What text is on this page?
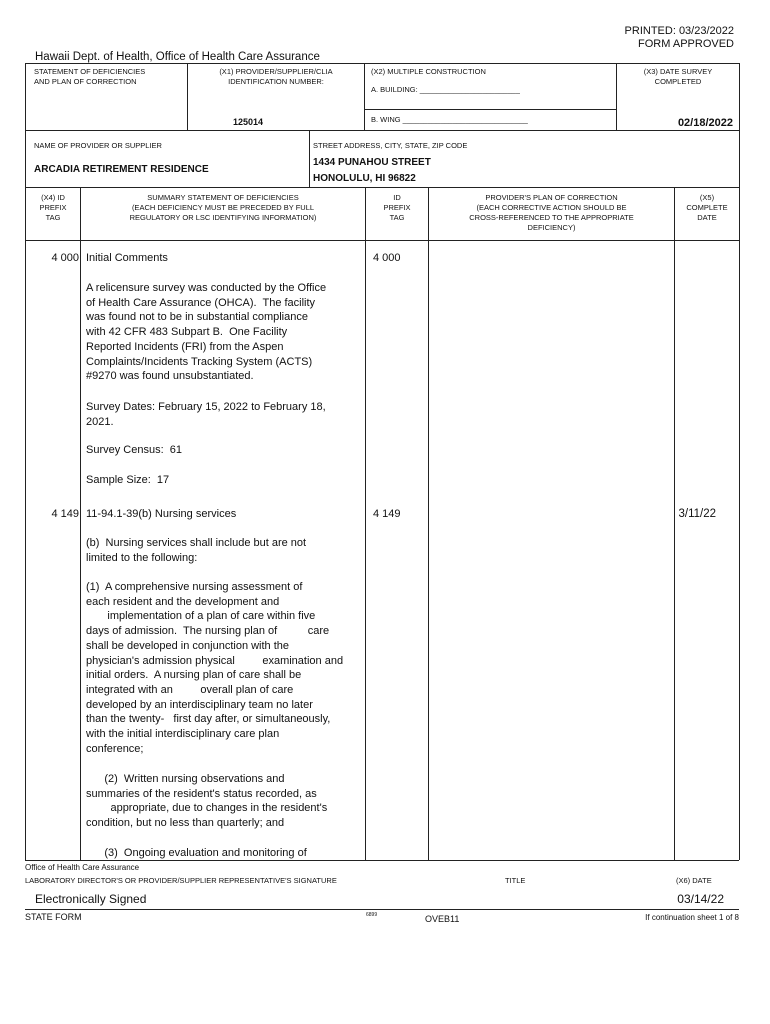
PRINTED: 03/23/2022
FORM APPROVED
Hawaii Dept. of Health, Office of Health Care Assurance
STATEMENT OF DEFICIENCIES
AND PLAN OF CORRECTION
(X1) PROVIDER/SUPPLIER/CLIA
IDENTIFICATION NUMBER:
125014
(X2) MULTIPLE CONSTRUCTION
A. BUILDING: ________________________
B. WING ______________________________
(X3) DATE SURVEY
COMPLETED
02/18/2022
NAME OF PROVIDER OR SUPPLIER
ARCADIA RETIREMENT RESIDENCE
STREET ADDRESS, CITY, STATE, ZIP CODE
1434 PUNAHOU STREET
HONOLULU, HI 96822
(X4) ID
PREFIX
TAG
SUMMARY STATEMENT OF DEFICIENCIES
(EACH DEFICIENCY MUST BE PRECEDED BY FULL
REGULATORY OR LSC IDENTIFYING INFORMATION)
ID
PREFIX
TAG
PROVIDER'S PLAN OF CORRECTION
(EACH CORRECTIVE ACTION SHOULD BE
CROSS-REFERENCED TO THE APPROPRIATE
DEFICIENCY)
(X5)
COMPLETE
DATE
4 000	4 000
Initial Comments
A relicensure survey was conducted by the Office
of Health Care Assurance (OHCA).  The facility
was found not to be in substantial compliance
with 42 CFR 483 Subpart B.  One Facility
Reported Incidents (FRI) from the Aspen
Complaints/Incidents Tracking System (ACTS)
#9270 was found unsubstantiated.
Survey Dates: February 15, 2022 to February 18,
2021.
Survey Census:  61
Sample Size:  17
4 149	4 149	3/11/22
11-94.1-39(b) Nursing services
(b)  Nursing services shall include but are not
limited to the following:
(1)  A comprehensive nursing assessment of
each resident and the development and
implementation of a plan of care within five
days of admission.  The nursing plan of          care
shall be developed in conjunction with the
physician's admission physical         examination and
initial orders.  A nursing plan of care shall be
integrated with an         overall plan of care
developed by an interdisciplinary team no later
than the twenty-   first day after, or simultaneously,
with the initial interdisciplinary care plan
conference;
(2)  Written nursing observations and
summaries of the resident's status recorded, as
appropriate, due to changes in the resident's
condition, but no less than quarterly; and
(3)  Ongoing evaluation and monitoring of
Office of Health Care Assurance
LABORATORY DIRECTOR'S OR PROVIDER/SUPPLIER REPRESENTATIVE'S SIGNATURE	TITLE	(X6) DATE
Electronically Signed	03/14/22
STATE FORM	6899	OVEB11	If continuation sheet 1 of 8
